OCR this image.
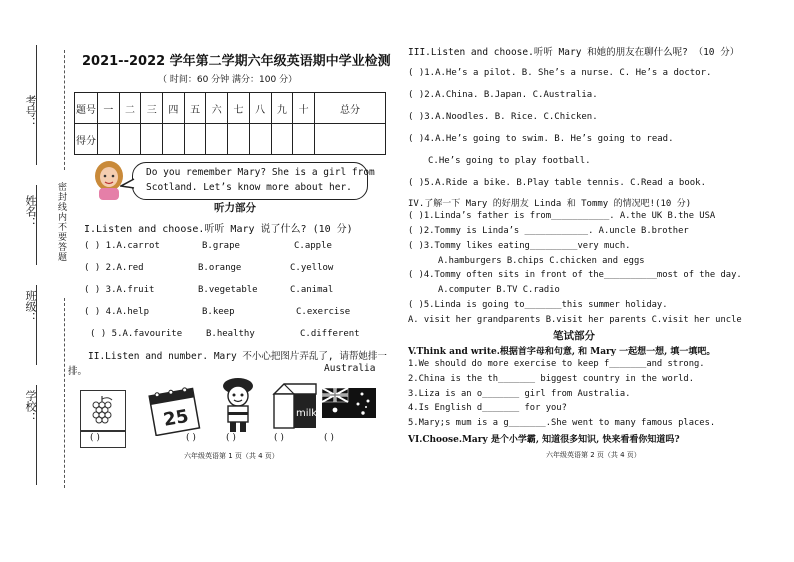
考号：
姓名：
班级：
学校：
密封线内不要答题
2021--2022 学年第二学期六年级英语期中学业检测
（ 时间：60 分钟 满分：100 分）
题号	一	二	三	四	五	六	七	八	九	十	总分
得分											
Do you remember Mary? She is a girl from
Scotland. Let’s know more about her.
听力部分
I.Listen and choose.听听 Mary 说了什么? (10 分)
( ) 1.A.carrot	B.grape	C.apple
( ) 2.A.red	B.orange	C.yellow
( ) 3.A.fruit	B.vegetable	C.animal
( ) 4.A.help	B.keep	C.exercise
( ) 5.A.favourite	B.healthy	C.different
II.Listen and number. Mary 不小心把图片弄乱了, 请帮她排一
排。	Australia
( )
25
( )	( )
milk
( )	( )
六年级英语第 1 页（共 4 页）
III.Listen and choose.听听 Mary 和她的朋友在聊什么呢? （10 分）
( )1.A.He’s a pilot. B. She’s a nurse. C. He’s a doctor.
( )2.A.China. B.Japan. C.Australia.
( )3.A.Noodles. B. Rice. C.Chicken.
( )4.A.He’s going to swim. B. He’s going to read.
C.He’s going to play football.
( )5.A.Ride a bike. B.Play table tennis. C.Read a book.
IV.了解一下 Mary 的好朋友 Linda 和 Tommy 的情况吧!(10 分)
( )1.Linda’s father is from___________. A.the UK B.the USA
( )2.Tommy is Linda’s ____________. A.uncle B.brother
( )3.Tommy likes eating_________very much.
A.hamburgers B.chips C.chicken and eggs
( )4.Tommy often sits in front of the__________most of the day.
A.computer B.TV C.radio
( )5.Linda is going to_______this summer holiday.
A. visit her grandparents B.visit her parents C.visit her uncle
笔试部分
V.Think and write.根据首字母和句意, 和 Mary 一起想一想, 填一填吧。
1.We should do more exercise to keep f_______and strong.
2.China is the th_______ biggest country in the world.
3.Liza is an o_______ girl from Australia.
4.Is English d_______ for you?
5.Mary;s mum is a g_______.She went to many famous places.
VI.Choose.Mary 是个小学霸, 知道很多知识, 快来看看你知道吗?
六年级英语第 2 页（共 4 页）
